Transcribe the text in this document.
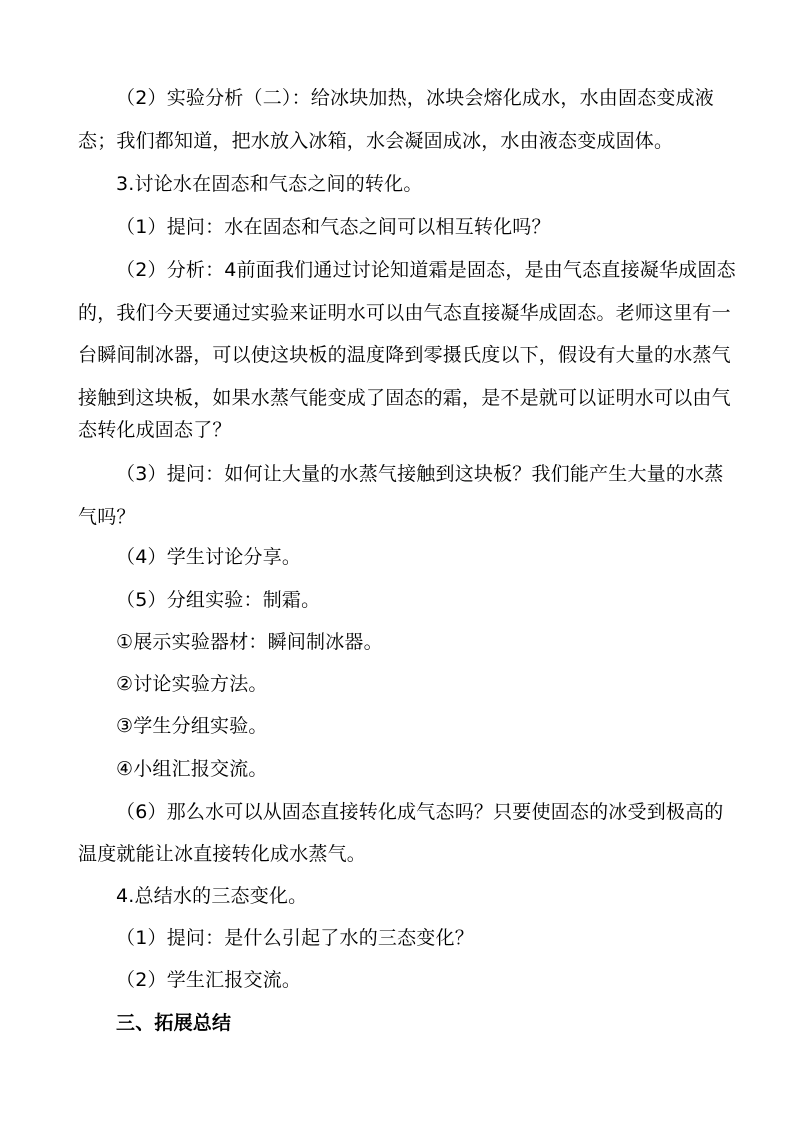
（2）实验分析（二）：给冰块加热，冰块会熔化成水，水由固态变成液
态；我们都知道，把水放入冰箱，水会凝固成冰，水由液态变成固体。
3.讨论水在固态和气态之间的转化。
（1）提问：水在固态和气态之间可以相互转化吗？
（2）分析：4前面我们通过讨论知道霜是固态，是由气态直接凝华成固态
的，我们今天要通过实验来证明水可以由气态直接凝华成固态。老师这里有一
台瞬间制冰器，可以使这块板的温度降到零摄氏度以下，假设有大量的水蒸气
接触到这块板，如果水蒸气能变成了固态的霜，是不是就可以证明水可以由气
态转化成固态了？
（3）提问：如何让大量的水蒸气接触到这块板？我们能产生大量的水蒸
气吗？
（4）学生讨论分享。
（5）分组实验：制霜。
①展示实验器材：瞬间制冰器。
②讨论实验方法。
③学生分组实验。
④小组汇报交流。
（6）那么水可以从固态直接转化成气态吗？只要使固态的冰受到极高的
温度就能让冰直接转化成水蒸气。
4.总结水的三态变化。
（1）提问：是什么引起了水的三态变化？
（2）学生汇报交流。
三、拓展总结
